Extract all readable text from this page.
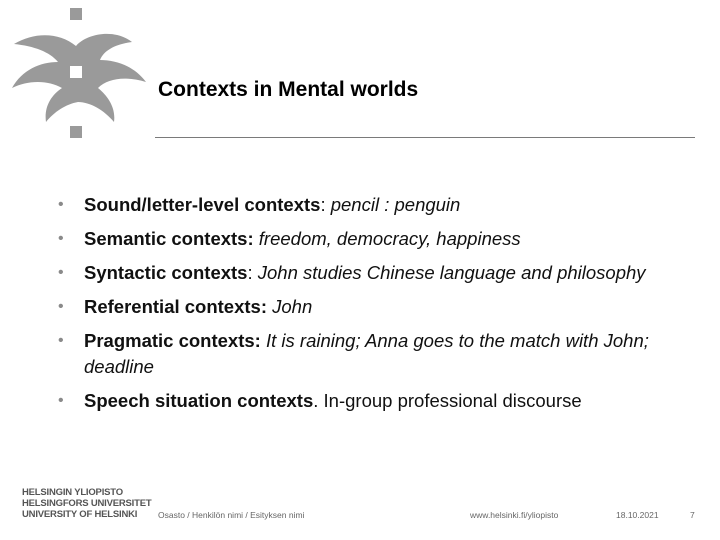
Contexts in Mental worlds
• Sound/letter-level contexts: pencil : penguin
• Semantic contexts: freedom, democracy, happiness
• Syntactic contexts: John studies Chinese language and philosophy
• Referential contexts: John
• Pragmatic contexts: It is raining; Anna goes to the match with John; deadline
• Speech situation contexts. In-group professional discourse
HELSINGIN YLIOPISTO
HELSINGFORS UNIVERSITET
UNIVERSITY OF HELSINKI	Osasto / Henkilön nimi / Esityksen nimi	www.helsinki.fi/yliopisto	18.10.2021	7
